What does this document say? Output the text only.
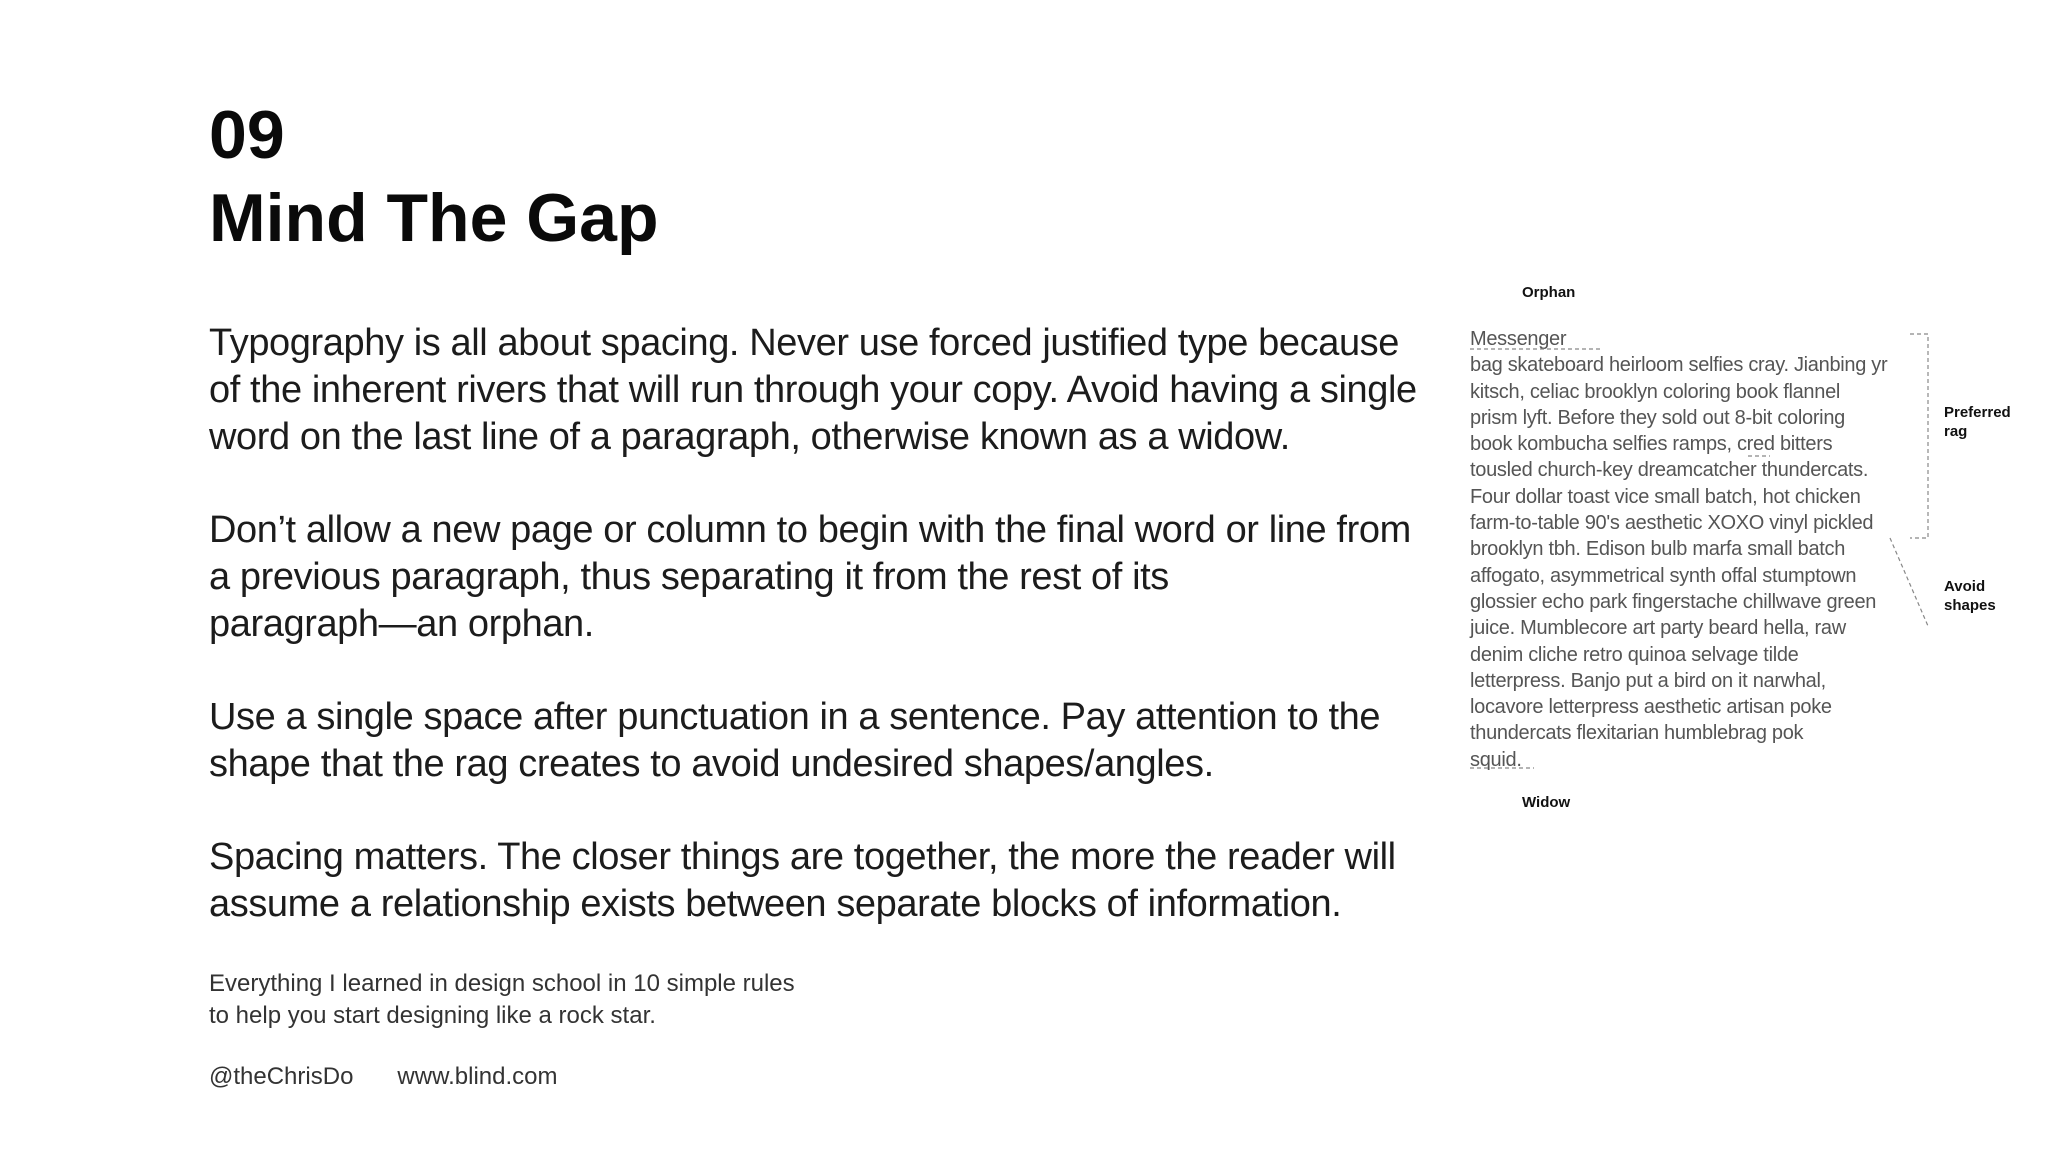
09
Mind The Gap

Typography is all about spacing. Never use forced justified type because
of the inherent rivers that will run through your copy. Avoid having a single
word on the last line of a paragraph, otherwise known as a widow.

Don’t allow a new page or column to begin with the final word or line from
a previous paragraph, thus separating it from the rest of its
paragraph—an orphan.

Use a single space after punctuation in a sentence. Pay attention to the
shape that the rag creates to avoid undesired shapes/angles.

Spacing matters. The closer things are together, the more the reader will
assume a relationship exists between separate blocks of information.

Everything I learned in design school in 10 simple rules
to help you start designing like a rock star.
@theChrisDo www.blind.com
Orphan
Messenger
bag skateboard heirloom selfies cray. Jianbing yr
kitsch, celiac brooklyn coloring book flannel
prism lyft. Before they sold out 8-bit coloring
book kombucha selfies ramps, cred bitters
tousled church-key dreamcatcher thundercats.
Four dollar toast vice small batch, hot chicken
farm-to-table 90's aesthetic XOXO vinyl pickled
brooklyn tbh. Edison bulb marfa small batch
affogato, asymmetrical synth offal stumptown
glossier echo park fingerstache chillwave green
juice. Mumblecore art party beard hella, raw
denim cliche retro quinoa selvage tilde
letterpress. Banjo put a bird on it narwhal,
locavore letterpress aesthetic artisan poke
thundercats flexitarian humblebrag pok
squid.
Preferred
rag
Avoid
shapes
Widow
